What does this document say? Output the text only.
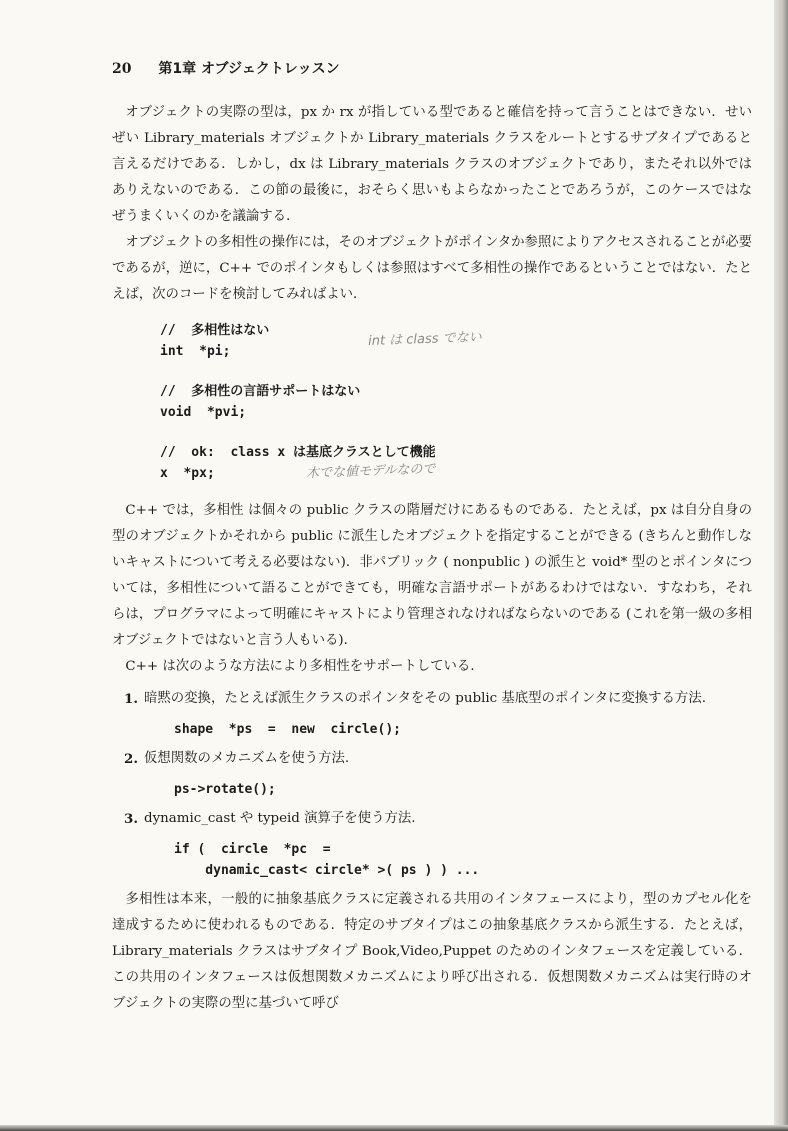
20 第1章 オブジェクトレッスン

オブジェクトの実際の型は，px か rx が指している型であると確信を持って言うことはできない．せいぜい Library_materials オブジェクトか Library_materials クラスをルートとするサブタイプであると言えるだけである．しかし，dx は Library_materials クラスのオブジェクトであり，またそれ以外ではありえないのである．この節の最後に，おそらく思いもよらなかったことであろうが，このケースではなぜうまくいくのかを議論する．

オブジェクトの多相性の操作には，そのオブジェクトがポインタか参照によりアクセスされることが必要であるが，逆に，C++ でのポインタもしくは参照はすべて多相性の操作であるということではない．たとえば，次のコードを検討してみればよい．

//  多相性はない
int  *pi;
//  多相性の言語サポートはない
void  *pvi;
//  ok:  class x は基底クラスとして機能
x  *px;
int は class でない
木でな値モデルなので

C++ では，多相性 は個々の public クラスの階層だけにあるものである．たとえば，px は自分自身の型のオブジェクトかそれから public に派生したオブジェクトを指定することができる (きちんと動作しないキャストについて考える必要はない)．非パブリック ( nonpublic ) の派生と void* 型のとポインタについては，多相性について語ることができても，明確な言語サポートがあるわけではない．すなわち，それらは，プログラマによって明確にキャストにより管理されなければならないのである (これを第一級の多相オブジェクトではないと言う人もいる)．

C++ は次のような方法により多相性をサポートしている．

1. 暗黙の変換，たとえば派生クラスのポインタをその public 基底型のポインタに変換する方法.
shape  *ps  =  new  circle();
2. 仮想関数のメカニズムを使う方法.
ps->rotate();
3. dynamic_cast や typeid 演算子を使う方法.
if (  circle  *pc  =
dynamic_cast< circle* >( ps ) ) ...

多相性は本来，一般的に抽象基底クラスに定義される共用のインタフェースにより，型のカプセル化を達成するために使われるものである．特定のサブタイプはこの抽象基底クラスから派生する．たとえば，Library_materials クラスはサブタイプ Book,Video,Puppet のためのインタフェースを定義している．この共用のインタフェースは仮想関数メカニズムにより呼び出される．仮想関数メカニズムは実行時のオブジェクトの実際の型に基づいて呼び
